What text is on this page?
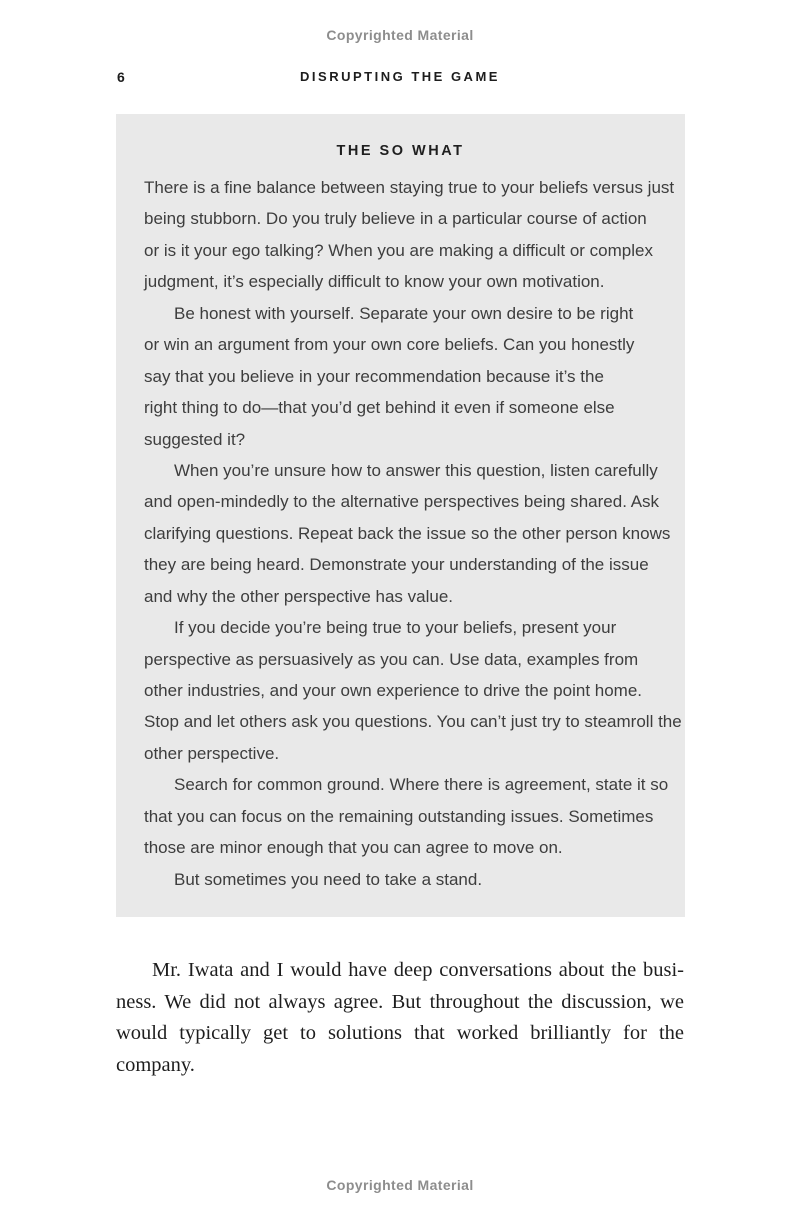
Copyrighted Material
6	DISRUPTING THE GAME
THE SO WHAT
There is a fine balance between staying true to your beliefs versus just
being stubborn. Do you truly believe in a particular course of action
or is it your ego talking? When you are making a difficult or complex
judgment, it’s especially difficult to know your own motivation.
Be honest with yourself. Separate your own desire to be right
or win an argument from your own core beliefs. Can you honestly
say that you believe in your recommendation because it’s the
right thing to do—that you’d get behind it even if someone else
suggested it?
When you’re unsure how to answer this question, listen carefully
and open-mindedly to the alternative perspectives being shared. Ask
clarifying questions. Repeat back the issue so the other person knows
they are being heard. Demonstrate your understanding of the issue
and why the other perspective has value.
If you decide you’re being true to your beliefs, present your
perspective as persuasively as you can. Use data, examples from
other industries, and your own experience to drive the point home.
Stop and let others ask you questions. You can’t just try to steamroll the
other perspective.
Search for common ground. Where there is agreement, state it so
that you can focus on the remaining outstanding issues. Sometimes
those are minor enough that you can agree to move on.
But sometimes you need to take a stand.
Mr. Iwata and I would have deep conversations about the busi-
ness. We did not always agree. But throughout the discussion, we
would typically get to solutions that worked brilliantly for the
company.
Copyrighted Material
